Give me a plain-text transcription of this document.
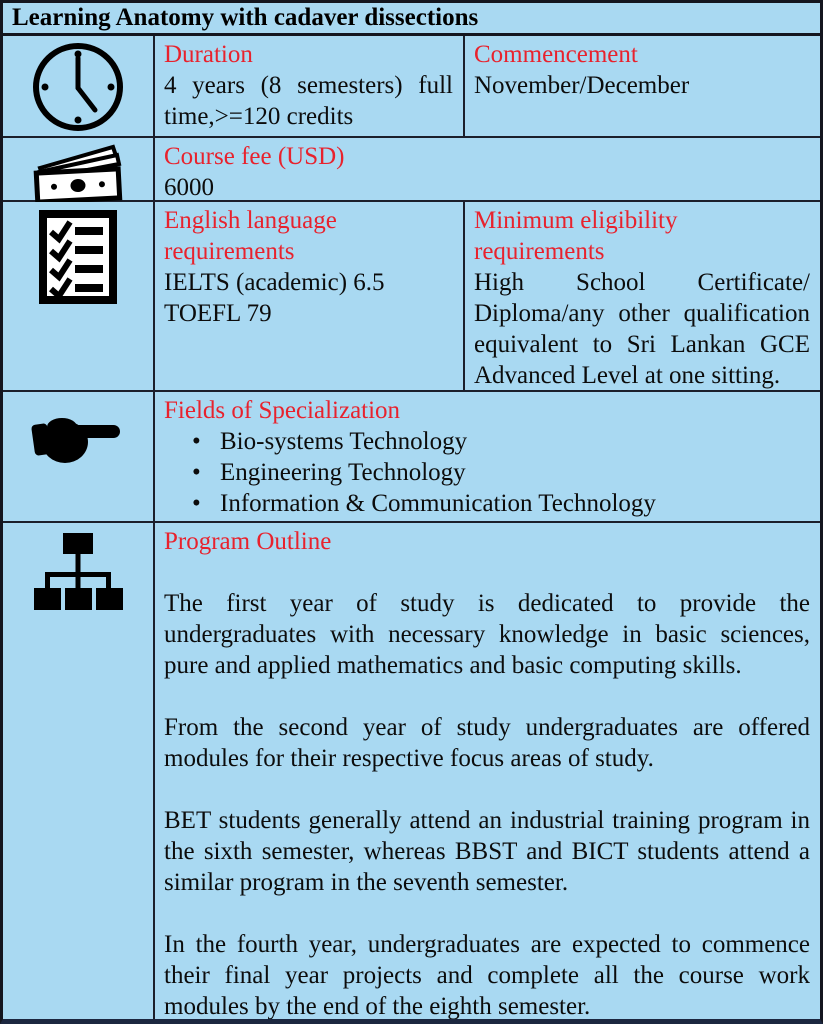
Learning Anatomy with cadaver dissections
Duration
4 years (8 semesters) full time,>=120 credits
Commencement
November/December
Course fee (USD)
6000
English language requirements
IELTS (academic) 6.5
TOEFL 79
Minimum eligibility requirements
High School Certificate/ Diploma/any other qualification equivalent to Sri Lankan GCE Advanced Level at one sitting.
Fields of Specialization
• Bio-systems Technology
• Engineering Technology
• Information & Communication Technology
Program Outline

The first year of study is dedicated to provide the undergraduates with necessary knowledge in basic sciences, pure and applied mathematics and basic computing skills.

From the second year of study undergraduates are offered modules for their respective focus areas of study.

BET students generally attend an industrial training program in the sixth semester, whereas BBST and BICT students attend a similar program in the seventh semester.

In the fourth year, undergraduates are expected to commence their final year projects and complete all the course work modules by the end of the eighth semester.
